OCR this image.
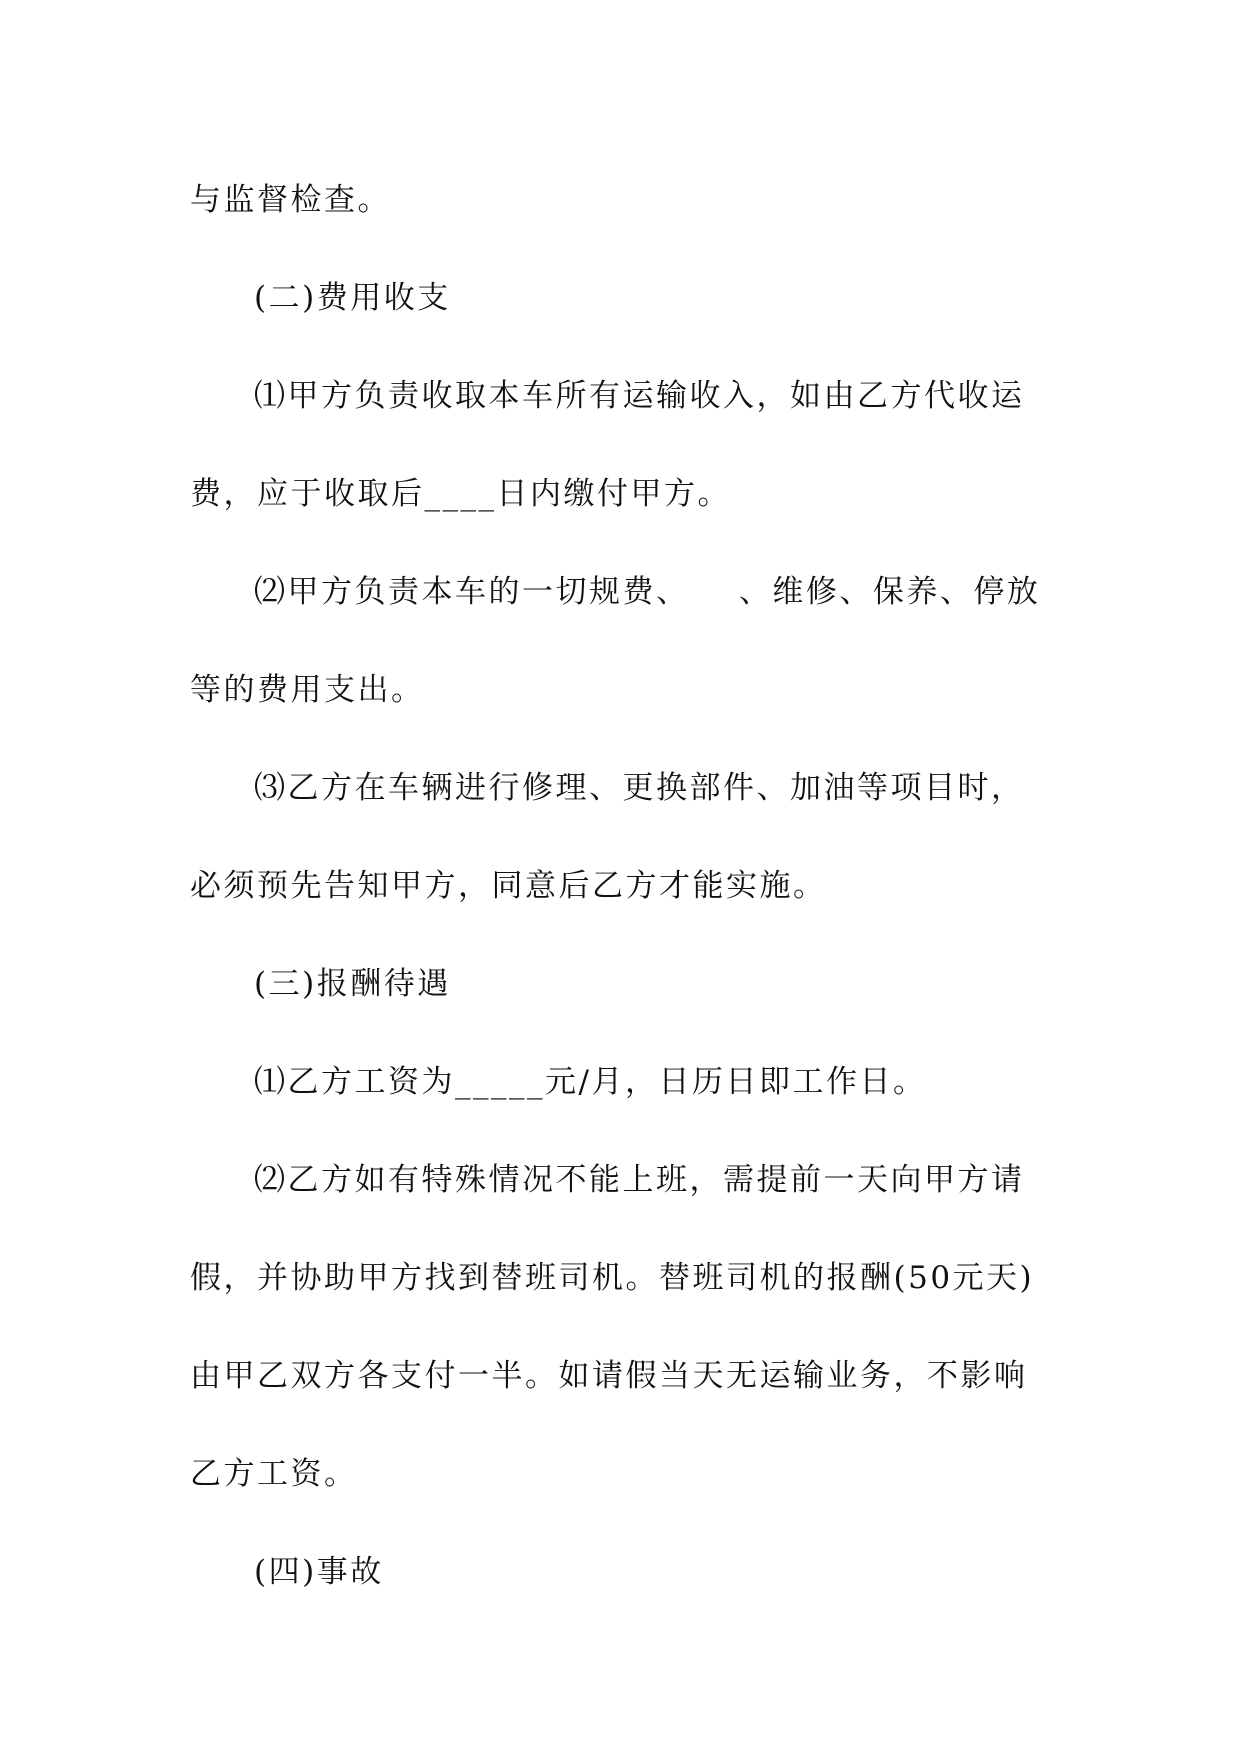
与监督检查。
(二)费用收支
⑴甲方负责收取本车所有运输收入，如由乙方代收运
费，应于收取后____日内缴付甲方。
⑵甲方负责本车的一切规费、    、维修、保养、停放
等的费用支出。
⑶乙方在车辆进行修理、更换部件、加油等项目时，
必须预先告知甲方，同意后乙方才能实施。
(三)报酬待遇
⑴乙方工资为_____元/月，日历日即工作日。
⑵乙方如有特殊情况不能上班，需提前一天向甲方请
假，并协助甲方找到替班司机。替班司机的报酬(50元天)
由甲乙双方各支付一半。如请假当天无运输业务，不影响
乙方工资。
(四)事故
